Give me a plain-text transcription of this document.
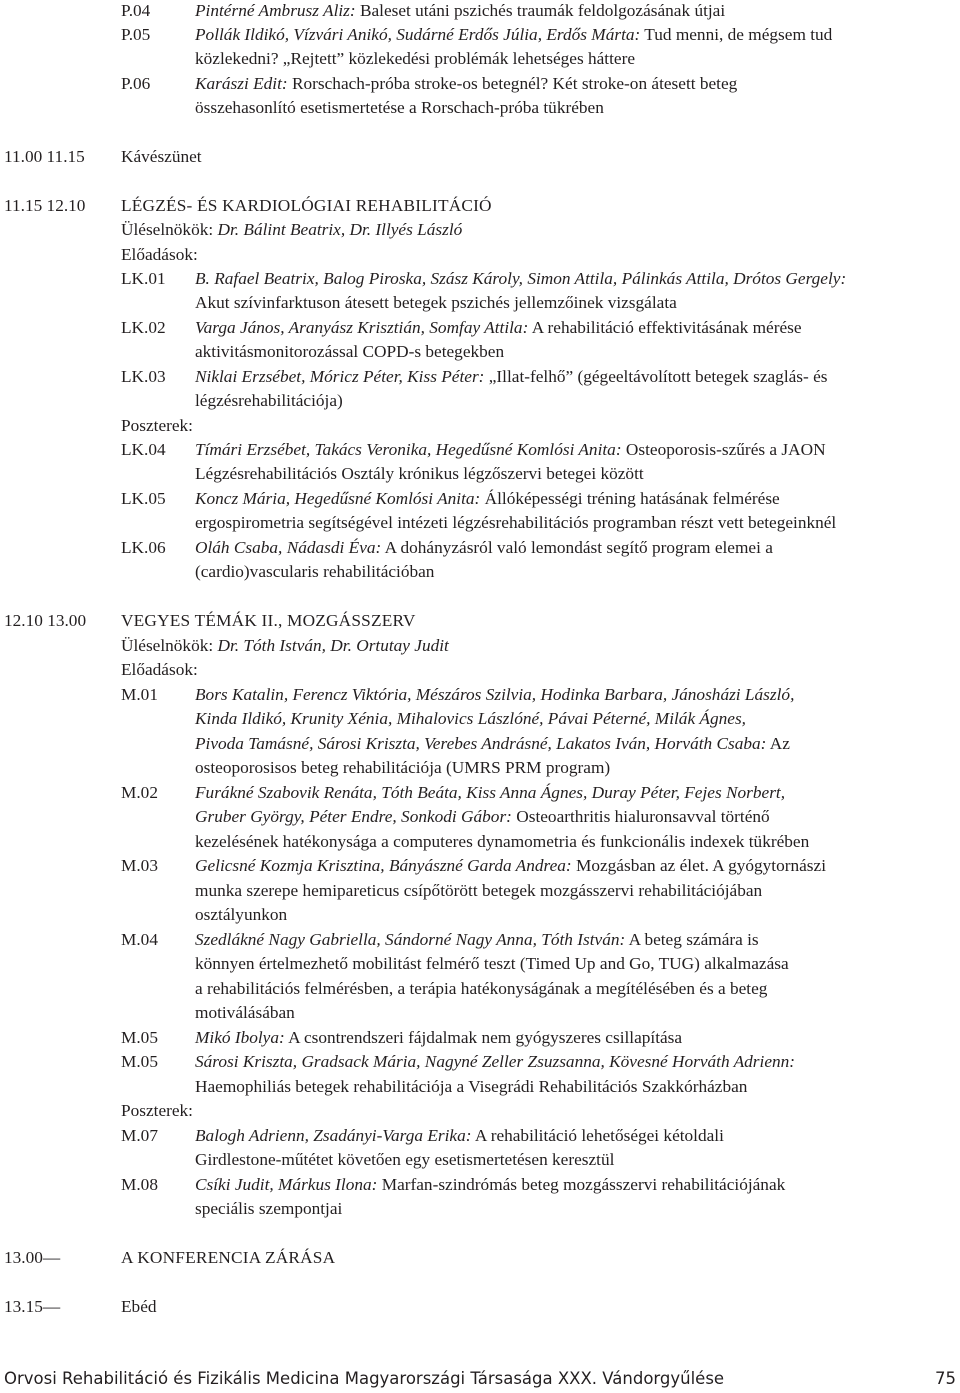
P.04	Pintérné Ambrusz Aliz: Baleset utáni pszichés traumák feldolgozásának útjai
P.05	Pollák Ildikó, Vízvári Anikó, Sudárné Erdős Júlia, Erdős Márta: Tud menni, de mégsem tud
közlekedni? „Rejtett” közlekedési problémák lehetséges háttere
P.06	Karászi Edit: Rorschach-próba stroke-os betegnél? Két stroke-on átesett beteg
összehasonlító esetismertetése a Rorschach-próba tükrében
11.00 11.15 Kávészünet
11.15 12.10 LÉGZÉS- ÉS KARDIOLÓGIAI REHABILITÁCIÓ
Üléselnökök: Dr. Bálint Beatrix, Dr. Illyés László
Előadások:
LK.01 B. Rafael Beatrix, Balog Piroska, Szász Károly, Simon Attila, Pálinkás Attila, Drótos Gergely:
Akut szívinfarktuson átesett betegek pszichés jellemzőinek vizsgálata
LK.02 Varga János, Aranyász Krisztián, Somfay Attila: A rehabilitáció effektivitásának mérése
aktivitásmonitorozással COPD-s betegekben
LK.03 Niklai Erzsébet, Móricz Péter, Kiss Péter: „Illat-felhő” (gégeeltávolított betegek szaglás- és
légzésrehabilitációja)
Poszterek:
LK.04 Tímári Erzsébet, Takács Veronika, Hegedűsné Komlósi Anita: Osteoporosis-szűrés a JAON
Légzésrehabilitációs Osztály krónikus légzőszervi betegei között
LK.05 Koncz Mária, Hegedűsné Komlósi Anita: Állóképességi tréning hatásának felmérése
ergospirometria segítségével intézeti légzésrehabilitációs programban részt vett betegeinknél
LK.06 Oláh Csaba, Nádasdi Éva: A dohányzásról való lemondást segítő program elemei a
(cardio)vascularis rehabilitációban
12.10 13.00 VEGYES TÉMÁK II., MOZGÁSSZERV
Üléselnökök: Dr. Tóth István, Dr. Ortutay Judit
Előadások:
M.01 Bors Katalin, Ferencz Viktória, Mészáros Szilvia, Hodinka Barbara, Jánosházi László,
Kinda Ildikó, Krunity Xénia, Mihalovics Lászlóné, Pávai Péterné, Milák Ágnes,
Pivoda Tamásné, Sárosi Kriszta, Verebes Andrásné, Lakatos Iván, Horváth Csaba: Az
osteoporosisos beteg rehabilitációja (UMRS PRM program)
M.02 Furákné Szabovik Renáta, Tóth Beáta, Kiss Anna Ágnes, Duray Péter, Fejes Norbert,
Gruber György, Péter Endre, Sonkodi Gábor: Osteoarthritis hialuronsavval történő
kezelésének hatékonysága a computeres dynamometria és funkcionális indexek tükrében
M.03 Gelicsné Kozmja Krisztina, Bányászné Garda Andrea: Mozgásban az élet. A gyógytornászi
munka szerepe hemipareticus csípőtörött betegek mozgásszervi rehabilitációjában
osztályunkon
M.04 Szedlákné Nagy Gabriella, Sándorné Nagy Anna, Tóth István: A beteg számára is
könnyen értelmezhető mobilitást felmérő teszt (Timed Up and Go, TUG) alkalmazása
a rehabilitációs felmérésben, a terápia hatékonyságának a megítélésében és a beteg
motiválásában
M.05 Mikó Ibolya: A csontrendszeri fájdalmak nem gyógyszeres csillapítása
M.05 Sárosi Kriszta, Gradsack Mária, Nagyné Zeller Zsuzsanna, Kövesné Horváth Adrienn:
Haemophiliás betegek rehabilitációja a Visegrádi Rehabilitációs Szakkórházban
Poszterek:
M.07 Balogh Adrienn, Zsadányi-Varga Erika: A rehabilitáció lehetőségei kétoldali
Girdlestone-műtétet követően egy esetismertetésen keresztül
M.08 Csíki Judit, Márkus Ilona: Marfan-szindrómás beteg mozgásszervi rehabilitációjának
speciális szempontjai
13.00—	A KONFERENCIA ZÁRÁSA
13.15—	Ebéd
Orvosi Rehabilitáció és Fizikális Medicina Magyarországi Társasága XXX. Vándorgyűlése	75
